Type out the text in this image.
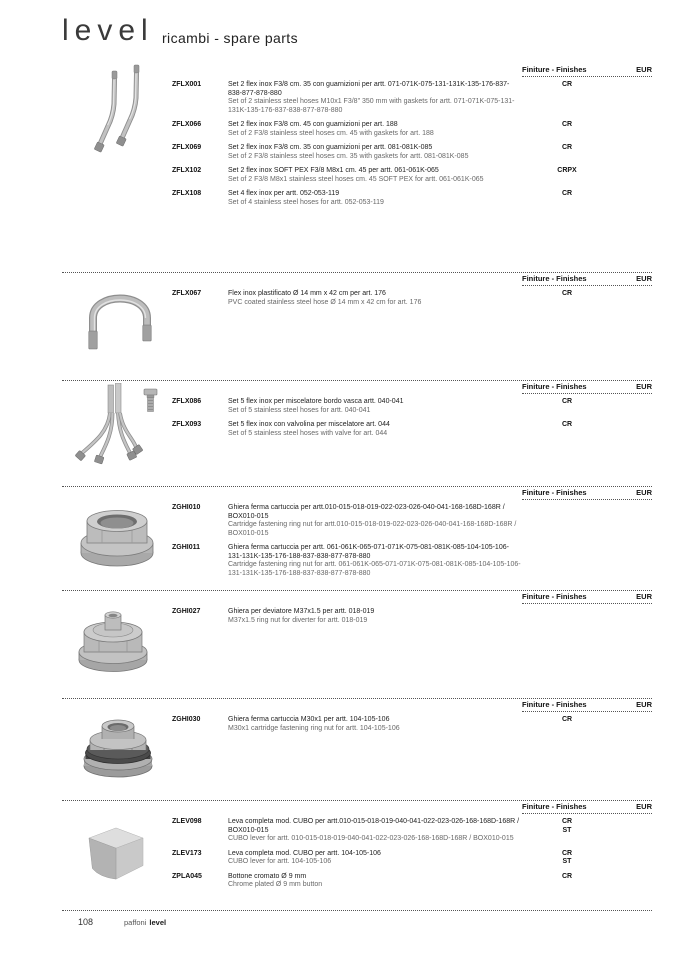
level ricambi - spare parts
Finiture - Finishes	EUR
ZFLX001	Set 2 flex inox F3/8 cm. 35 con guarnizioni per artt. 071-071K-075-131-131K-135-176-837-838-877-878-880
Set of 2 stainless steel hoses M10x1 F3/8" 350 mm with gaskets for artt. 071-071K-075-131-131K-135-176-837-838-877-878-880
CR
ZFLX066	Set 2 flex inox F3/8 cm. 45 con guarnizioni per art. 188
Set of 2 F3/8 stainless steel hoses cm. 45 with gaskets for art. 188
CR
ZFLX069	Set 2 flex inox F3/8 cm. 35 con guarnizioni per artt. 081-081K-085
Set of 2 F3/8 stainless steel hoses cm. 35 with gaskets for artt. 081-081K-085
CR
ZFLX102	Set 2 flex inox SOFT PEX F3/8 M8x1 cm. 45 per artt. 061-061K-065
Set of 2 F3/8 M8x1 stainless steel hoses cm. 45 SOFT PEX for artt. 061-061K-065
CRPX
ZFLX108	Set 4 flex inox per artt. 052-053-119
Set of 4 stainless steel hoses for artt. 052-053-119
CR
Finiture - Finishes	EUR
ZFLX067	Flex inox plastificato Ø 14 mm x 42 cm per art. 176
PVC coated stainless steel hose Ø 14 mm x 42 cm for art. 176
CR
Finiture - Finishes	EUR
ZFLX086	Set 5 flex inox per miscelatore bordo vasca artt. 040-041
Set of 5 stainless steel hoses for artt. 040-041
CR
ZFLX093	Set 5 flex inox con valvolina per miscelatore art. 044
Set of 5 stainless steel hoses with valve for art. 044
CR
Finiture - Finishes	EUR
ZGHI010	Ghiera ferma cartuccia per artt.010-015-018-019-022-023-026-040-041-168-168D-168R / BOX010-015
Cartridge fastening ring nut for artt.010-015-018-019-022-023-026-040-041-168-168D-168R / BOX010-015
ZGHI011	Ghiera ferma cartuccia per artt. 061-061K-065-071-071K-075-081-081K-085-104-105-106-131-131K-135-176-188-837-838-877-878-880
Cartridge fastening ring nut for artt. 061-061K-065-071-071K-075-081-081K-085-104-105-106-131-131K-135-176-188-837-838-877-878-880
Finiture - Finishes	EUR
ZGHI027	Ghiera per deviatore M37x1.5 per artt. 018-019
M37x1.5 ring nut for diverter for artt. 018-019
Finiture - Finishes	EUR
ZGHI030	Ghiera ferma cartuccia M30x1 per artt. 104-105-106
M30x1 cartridge fastening ring nut for artt. 104-105-106
CR
Finiture - Finishes	EUR
ZLEV098	Leva completa mod. CUBO per artt.010-015-018-019-040-041-022-023-026-168-168D-168R / BOX010-015
CUBO lever for artt. 010-015-018-019-040-041-022-023-026-168-168D-168R / BOX010-015
CR
ST
ZLEV173	Leva completa mod. CUBO per artt. 104-105-106
CUBO lever for artt. 104-105-106
CR
ST
ZPLA045	Bottone cromato Ø 9 mm
Chrome plated Ø 9 mm button
CR
108	paffoni level
